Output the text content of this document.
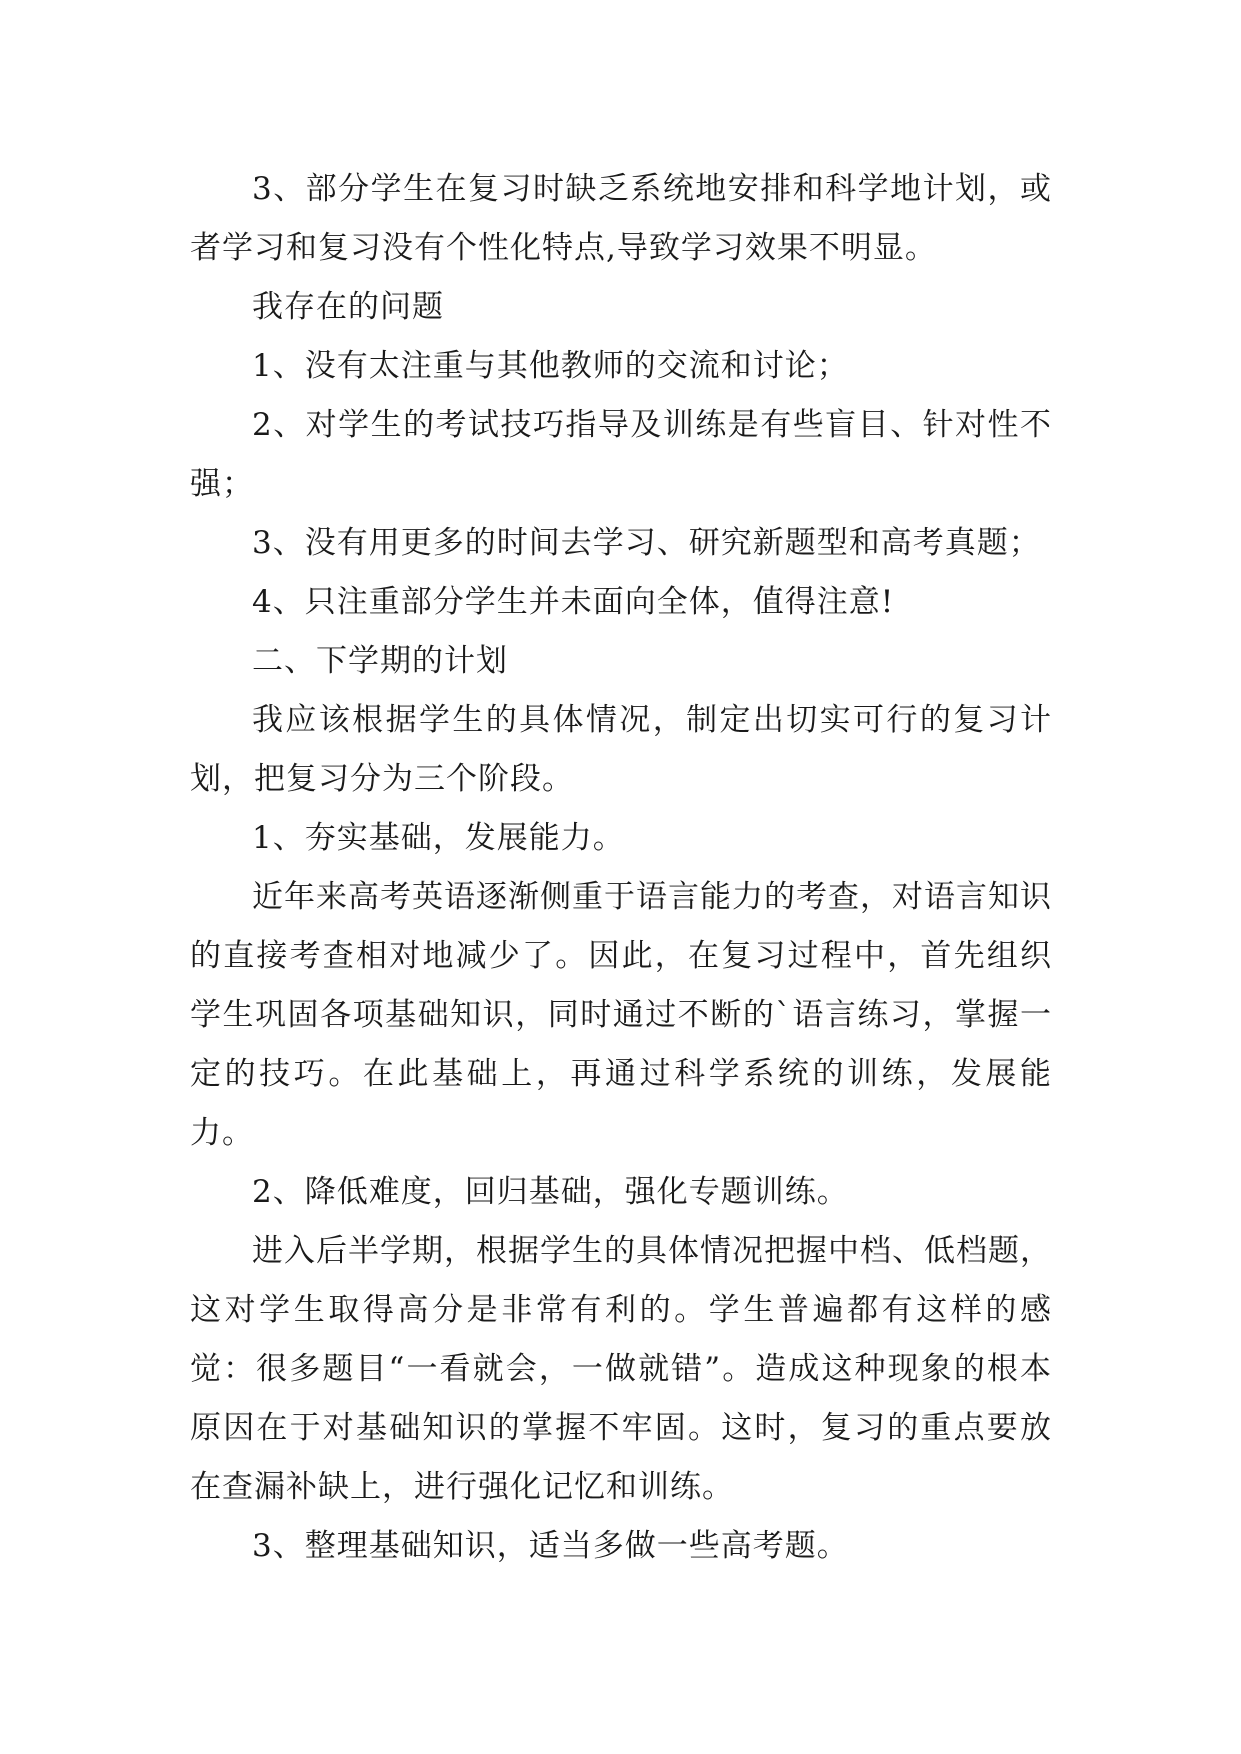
3、部分学生在复习时缺乏系统地安排和科学地计划，或者学习和复习没有个性化特点,导致学习效果不明显。

我存在的问题

1、没有太注重与其他教师的交流和讨论；

2、对学生的考试技巧指导及训练是有些盲目、针对性不强；

3、没有用更多的时间去学习、研究新题型和高考真题；

4、只注重部分学生并未面向全体，值得注意!

二、下学期的计划

我应该根据学生的具体情况，制定出切实可行的复习计划，把复习分为三个阶段。

1、夯实基础，发展能力。

近年来高考英语逐渐侧重于语言能力的考查，对语言知识的直接考查相对地减少了。因此，在复习过程中，首先组织学生巩固各项基础知识，同时通过不断的`语言练习，掌握一定的技巧。在此基础上，再通过科学系统的训练，发展能力。

2、降低难度，回归基础，强化专题训练。

进入后半学期，根据学生的具体情况把握中档、低档题，这对学生取得高分是非常有利的。学生普遍都有这样的感觉：很多题目“一看就会，一做就错”。造成这种现象的根本原因在于对基础知识的掌握不牢固。这时，复习的重点要放在查漏补缺上，进行强化记忆和训练。

3、整理基础知识，适当多做一些高考题。
